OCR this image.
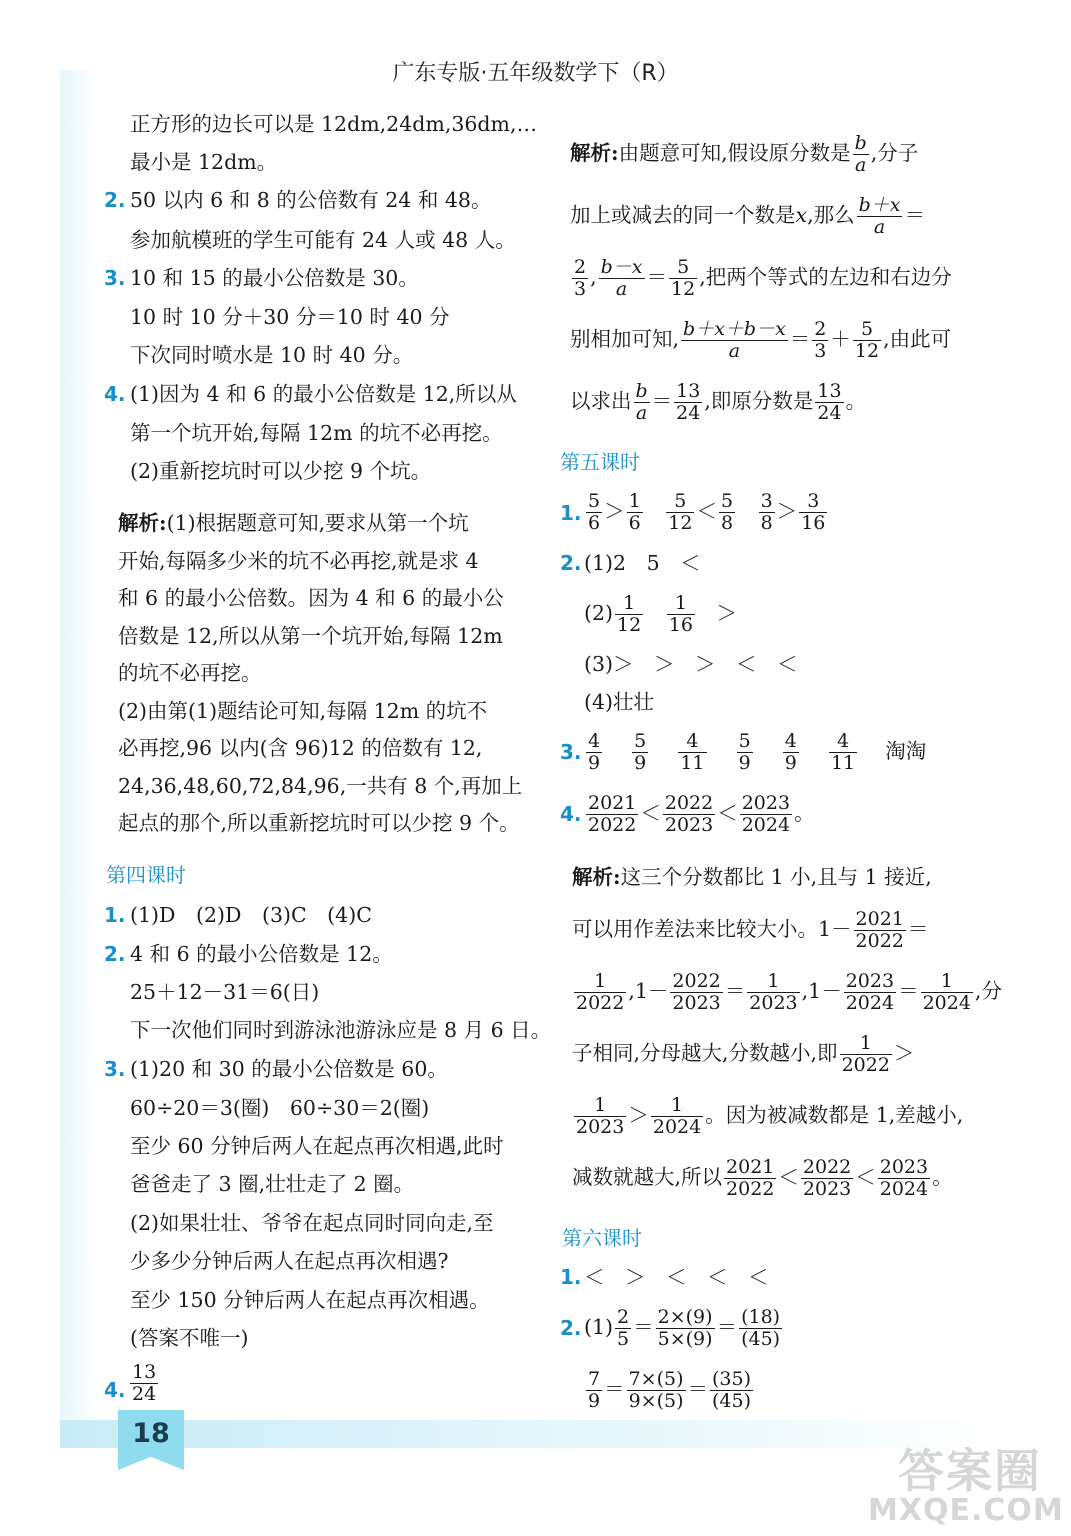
广东专版·五年级数学下（R）
正方形的边长可以是 12dm,24dm,36dm,…
最小是 12dm。
2. 50 以内 6 和 8 的公倍数有 24 和 48。
参加航模班的学生可能有 24 人或 48 人。
3. 10 和 15 的最小公倍数是 30。
10 时 10 分＋30 分＝10 时 40 分
下次同时喷水是 10 时 40 分。
4. (1)因为 4 和 6 的最小公倍数是 12,所以从
第一个坑开始,每隔 12m 的坑不必再挖。
(2)重新挖坑时可以少挖 9 个坑。

解析:(1)根据题意可知,要求从第一个坑

开始,每隔多少米的坑不必再挖,就是求 4

和 6 的最小公倍数。因为 4 和 6 的最小公

倍数是 12,所以从第一个坑开始,每隔 12m

的坑不必再挖。

(2)由第(1)题结论可知,每隔 12m 的坑不

必再挖,96 以内(含 96)12 的倍数有 12,

24,36,48,60,72,84,96,一共有 8 个,再加上

起点的那个,所以重新挖坑时可以少挖 9 个。

第四课时
1. (1)D　(2)D　(3)C　(4)C
2. 4 和 6 的最小公倍数是 12。
25＋12－31＝6(日)
下一次他们同时到游泳池游泳应是 8 月 6 日。
3. (1)20 和 30 的最小公倍数是 60。
60÷20＝3(圈)　60÷30＝2(圈)
至少 60 分钟后两人在起点再次相遇,此时
爸爸走了 3 圈,壮壮走了 2 圈。
(2)如果壮壮、爷爷在起点同时同向走,至
少多少分钟后两人在起点再次相遇?
至少 150 分钟后两人在起点再次相遇。
(答案不唯一)
4. $\frac{13}{24}$
解析:由题意可知,假设原分数是 $\frac{b}{a}$ ,分子
加上或减去的同一个数是x,那么 $\frac{b+x}{a}$ ＝
$\frac{2}{3}$ , $\frac{b-x}{a} = \frac{5}{12}$ ,把两个等式的左边和右边分
别相加可知, $\frac{b+x+b-x}{a} = \frac{2}{3} + \frac{5}{12}$ ,由此可
以求出 $\frac{b}{a} = \frac{13}{24}$ ,即原分数是 $\frac{13}{24}$ 。
第五课时
1. $\frac{5}{6} > \frac{1}{6}$
$\frac{5}{12} < \frac{5}{8}$
$\frac{3}{8} > \frac{3}{16}$
2. (1)2　5　＜
$(2) \frac{1}{12}$
$\frac{1}{16}$ ＞
(3)＞　＞　＞　＜　＜
(4)壮壮
3. $\frac{4}{9}$
$\frac{5}{9}$
$\frac{4}{11}$
$\frac{5}{9}$
$\frac{4}{9}$
$\frac{4}{11}$ 淘淘
4. $\frac{2021}{2022} < \frac{2022}{2023} < \frac{2023}{2024}$ 。
解析:这三个分数都比 1 小,且与 1 接近,
可以用作差法来比较大小。$1- \frac{2021}{2022}$ ＝
$\frac{1}{2022} ,1- \frac{2022}{2023} = \frac{1}{2023} ,1- \frac{2023}{2024} = \frac{1}{2024}$ ,分
子相同,分母越大,分数越小,即 $\frac{1}{2022}$ ＞
$\frac{1}{2023} > \frac{1}{2024}$ 。因为被减数都是 1,差越小,
减数就越大,所以 $\frac{2021}{2022} < \frac{2022}{2023} < \frac{2023}{2024}$ 。
第六课时
1. ＜　＞　＜　＜　＜
2. $(1) \frac{2}{5} = \frac{2\times(9)}{5\times(9)} = \frac{(18)}{(45)}$
$\frac{7}{9} = \frac{7\times(5)}{9\times(5)} = \frac{(35)}{(45)}$
18
答案圈
MXQE.COM
